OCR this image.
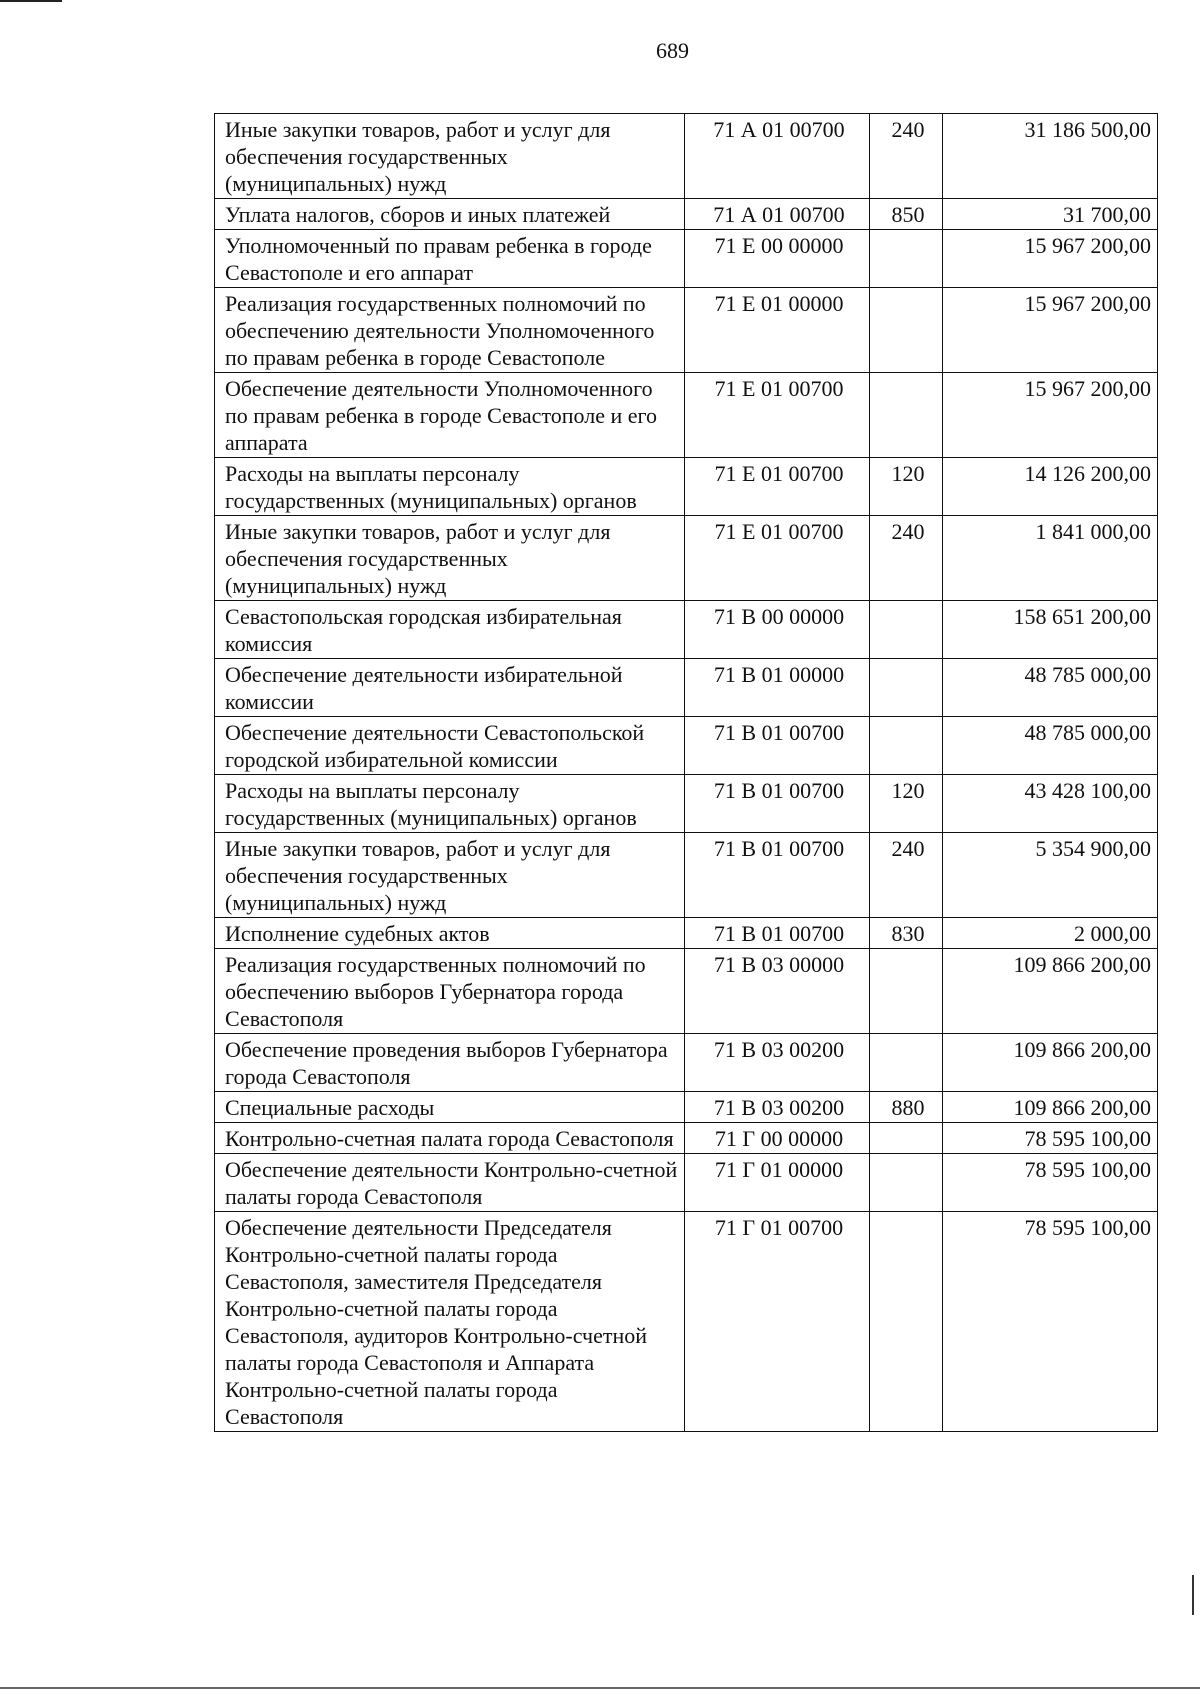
689
Иные закупки товаров, работ и услуг для обеспечения государственных (муниципальных) нужд	71 А 01 00700	240	31 186 500,00
Уплата налогов, сборов и иных платежей	71 А 01 00700	850	31 700,00
Уполномоченный по правам ребенка в городе Севастополе и его аппарат	71 Е 00 00000		15 967 200,00
Реализация государственных полномочий по обеспечению деятельности Уполномоченного по правам ребенка в городе Севастополе	71 Е 01 00000		15 967 200,00
Обеспечение деятельности Уполномоченного по правам ребенка в городе Севастополе и его аппарата	71 Е 01 00700		15 967 200,00
Расходы на выплаты персоналу государственных (муниципальных) органов	71 Е 01 00700	120	14 126 200,00
Иные закупки товаров, работ и услуг для обеспечения государственных (муниципальных) нужд	71 Е 01 00700	240	1 841 000,00
Севастопольская городская избирательная комиссия	71 В 00 00000		158 651 200,00
Обеспечение деятельности избирательной комиссии	71 В 01 00000		48 785 000,00
Обеспечение деятельности Севастопольской городской избирательной комиссии	71 В 01 00700		48 785 000,00
Расходы на выплаты персоналу государственных (муниципальных) органов	71 В 01 00700	120	43 428 100,00
Иные закупки товаров, работ и услуг для обеспечения государственных (муниципальных) нужд	71 В 01 00700	240	5 354 900,00
Исполнение судебных актов	71 В 01 00700	830	2 000,00
Реализация государственных полномочий по обеспечению выборов Губернатора города Севастополя	71 В 03 00000		109 866 200,00
Обеспечение проведения выборов Губернатора города Севастополя	71 В 03 00200		109 866 200,00
Специальные расходы	71 В 03 00200	880	109 866 200,00
Контрольно-счетная палата города Севастополя	71 Г 00 00000		78 595 100,00
Обеспечение деятельности Контрольно-счетной палаты города Севастополя	71 Г 01 00000		78 595 100,00
Обеспечение деятельности Председателя Контрольно-счетной палаты города Севастополя, заместителя Председателя Контрольно-счетной палаты города Севастополя, аудиторов Контрольно-счетной палаты города Севастополя и Аппарата Контрольно-счетной палаты города Севастополя	71 Г 01 00700		78 595 100,00
